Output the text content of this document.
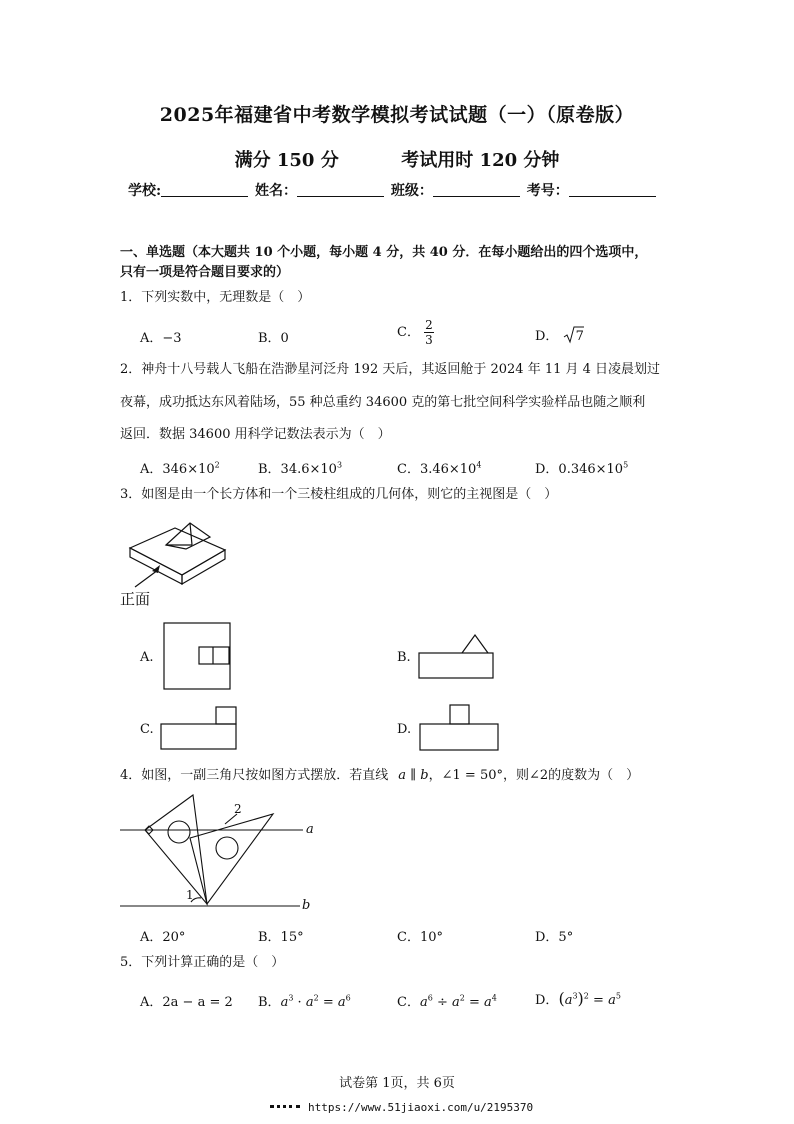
2025年福建省中考数学模拟考试试题（一）（原卷版）
满分 150 分	考试用时 120 分钟
学校:	姓名：	班级：	考号：
一、单选题（本大题共 10 个小题，每小题 4 分，共 40 分．在每小题给出的四个选项中，
只有一项是符合题目要求的）
1．下列实数中，无理数是（　）
A．−3	B．0	C． $\frac{2}{3}$	D． 7
2．神舟十八号载人飞船在浩渺星河泛舟 192 天后，其返回舱于 2024 年 11 月 4 日凌晨划过
夜幕，成功抵达东风着陆场，55 种总重约 34600 克的第七批空间科学实验样品也随之顺利
返回．数据 34600 用科学记数法表示为（　）
A．$346\times 10^2$	B．$34.6\times 10^3$	C．$3.46\times 10^4$	D．$0.346\times 10^5$
3．如图是由一个长方体和一个三棱柱组成的几何体，则它的主视图是（　）
正面
A.	B.
C.	D.
4．如图，一副三角尺按如图方式摆放．若直线 a ∥ b，∠1 = 50°，则∠2的度数为（　）
a
b
1
2
A．20°	B．15°	C．10°	D．5°
5．下列计算正确的是（　）
A．2a − a = 2 B．$a^3 \cdot a^2 = a^6$	C．$a^6 \div a^2 = a^4$	D．$(a^3)^2 = a^5$
试卷第 1页，共 6页
https://www.51jiaoxi.com/u/2195370
